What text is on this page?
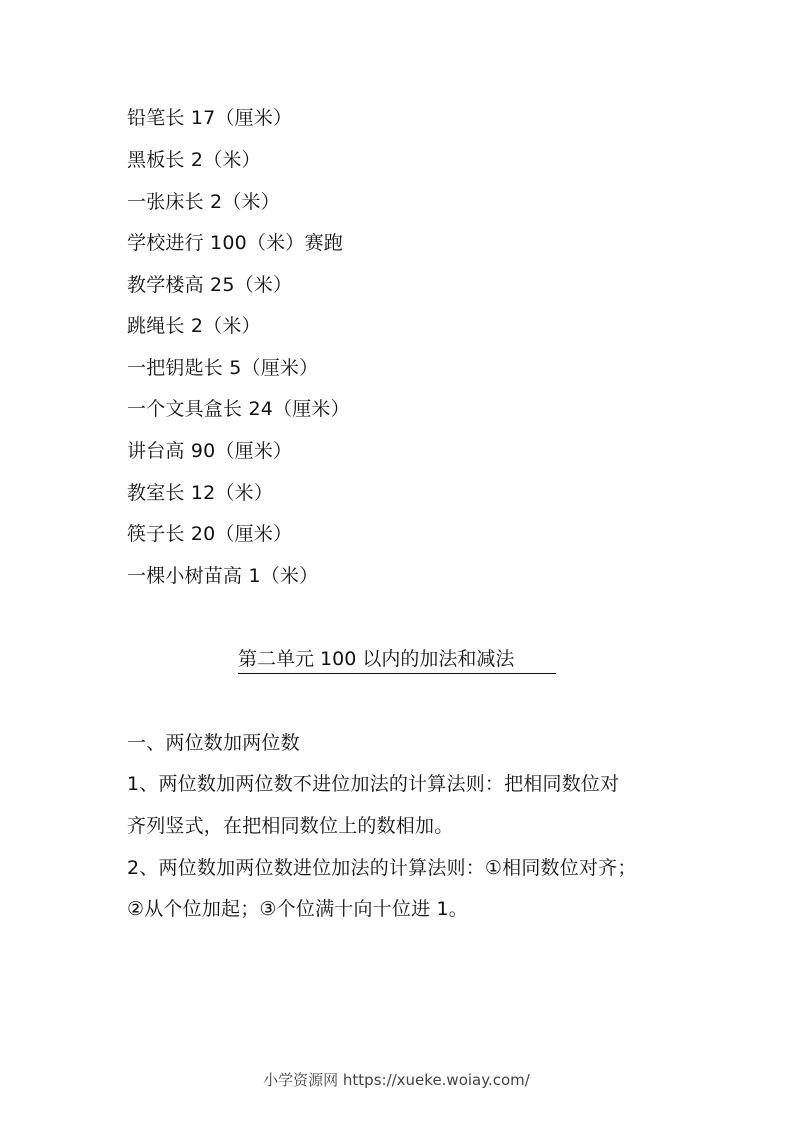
铅笔长 17（厘米）
黑板长 2（米）
一张床长 2（米）
学校进行 100（米）赛跑
教学楼高 25（米）
跳绳长 2（米）
一把钥匙长 5（厘米）
一个文具盒长 24（厘米）
讲台高 90（厘米）
教室长 12（米）
筷子长 20（厘米）
一棵小树苗高 1（米）
第二单元 100 以内的加法和减法
一、两位数加两位数
1、两位数加两位数不进位加法的计算法则：把相同数位对
齐列竖式，在把相同数位上的数相加。
2、两位数加两位数进位加法的计算法则：①相同数位对齐；
②从个位加起；③个位满十向十位进 1。
小学资源网 https://xueke.woiay.com/
